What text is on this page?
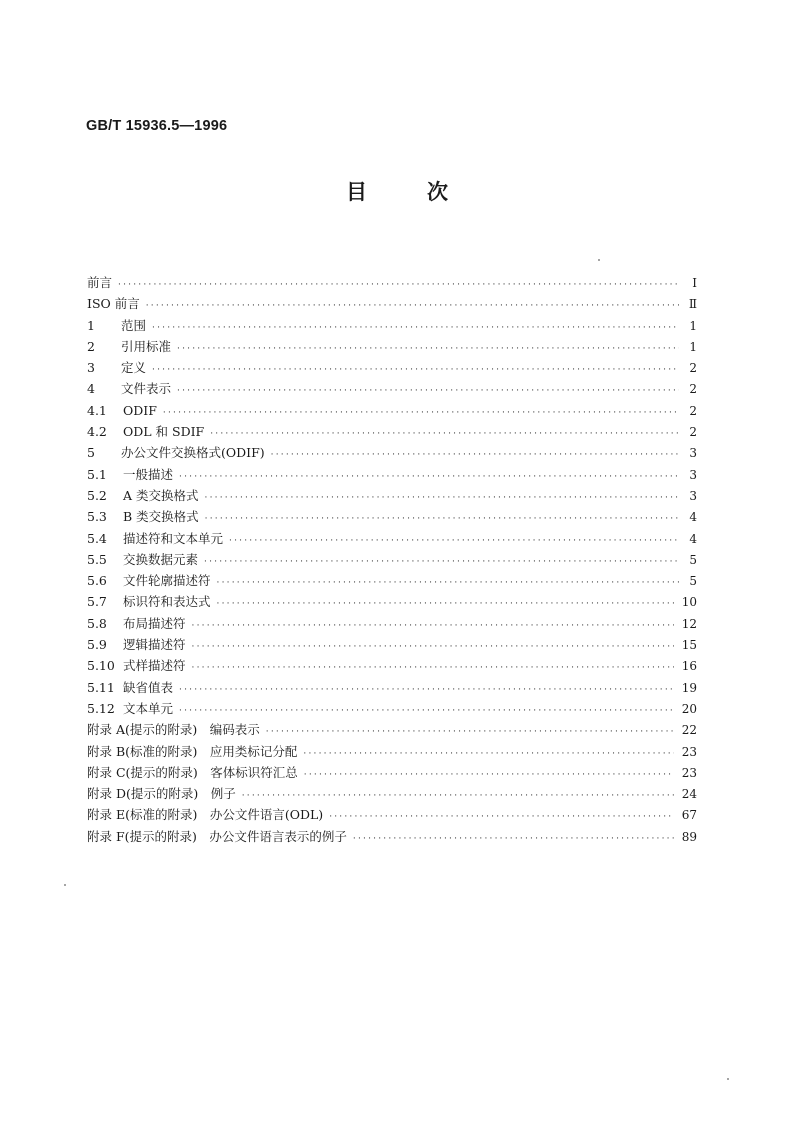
GB/T 15936.5—1996
目次
前言 ·····	Ⅰ
ISO 前言 ·····	Ⅱ
1 范围 ·····	1
2 引用标准 ·····	1
3 定义 ·····	2
4 文件表示 ·····	2
4.1 ODIF ·····	2
4.2 ODL 和 SDIF ·····	2
5 办公文件交换格式(ODIF) ·····	3
5.1 一般描述 ·····	3
5.2 A 类交换格式 ·····	3
5.3 B 类交换格式 ·····	4
5.4 描述符和文本单元 ·····	4
5.5 交换数据元素 ·····	5
5.6 文件轮廓描述符 ·····	5
5.7 标识符和表达式 ·····	10
5.8 布局描述符 ·····	12
5.9 逻辑描述符 ·····	15
5.10 式样描述符 ·····	16
5.11 缺省值表 ·····	19
5.12 文本单元 ·····	20
附录 A(提示的附录)　编码表示 ·····	22
附录 B(标准的附录)　应用类标记分配 ·····	23
附录 C(提示的附录)　客体标识符汇总 ·····	23
附录 D(提示的附录)　例子 ·····	24
附录 E(标准的附录)　办公文件语言(ODL) ·····	67
附录 F(提示的附录)　办公文件语言表示的例子 ·····	89
